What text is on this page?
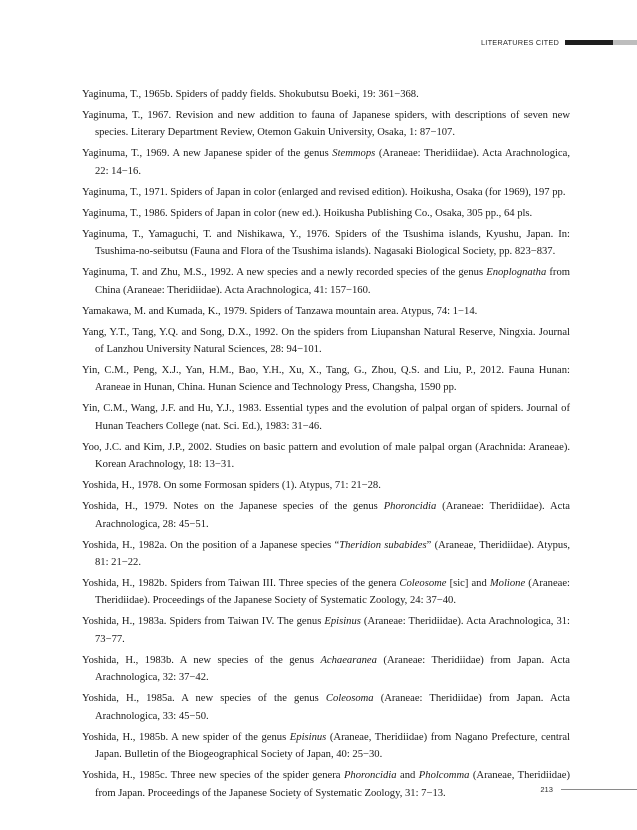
LITERATURES CITED
Yaginuma, T., 1965b. Spiders of paddy fields. Shokubutsu Boeki, 19: 361−368.
Yaginuma, T., 1967. Revision and new addition to fauna of Japanese spiders, with descriptions of seven new species. Literary Department Review, Otemon Gakuin University, Osaka, 1: 87−107.
Yaginuma, T., 1969. A new Japanese spider of the genus Stemmops (Araneae: Theridiidae). Acta Arachnologica, 22: 14−16.
Yaginuma, T., 1971. Spiders of Japan in color (enlarged and revised edition). Hoikusha, Osaka (for 1969), 197 pp.
Yaginuma, T., 1986. Spiders of Japan in color (new ed.). Hoikusha Publishing Co., Osaka, 305 pp., 64 pls.
Yaginuma, T., Yamaguchi, T. and Nishikawa, Y., 1976. Spiders of the Tsushima islands, Kyushu, Japan. In: Tsushima-no-seibutsu (Fauna and Flora of the Tsushima islands). Nagasaki Biological Society, pp. 823−837.
Yaginuma, T. and Zhu, M.S., 1992. A new species and a newly recorded species of the genus Enoplognatha from China (Araneae: Theridiidae). Acta Arachnologica, 41: 157−160.
Yamakawa, M. and Kumada, K., 1979. Spiders of Tanzawa mountain area. Atypus, 74: 1−14.
Yang, Y.T., Tang, Y.Q. and Song, D.X., 1992. On the spiders from Liupanshan Natural Reserve, Ningxia. Journal of Lanzhou University Natural Sciences, 28: 94−101.
Yin, C.M., Peng, X.J., Yan, H.M., Bao, Y.H., Xu, X., Tang, G., Zhou, Q.S. and Liu, P., 2012. Fauna Hunan: Araneae in Hunan, China. Hunan Science and Technology Press, Changsha, 1590 pp.
Yin, C.M., Wang, J.F. and Hu, Y.J., 1983. Essential types and the evolution of palpal organ of spiders. Journal of Hunan Teachers College (nat. Sci. Ed.), 1983: 31−46.
Yoo, J.C. and Kim, J.P., 2002. Studies on basic pattern and evolution of male palpal organ (Arachnida: Araneae). Korean Arachnology, 18: 13−31.
Yoshida, H., 1978. On some Formosan spiders (1). Atypus, 71: 21−28.
Yoshida, H., 1979. Notes on the Japanese species of the genus Phoroncidia (Araneae: Theridiidae). Acta Arachnologica, 28: 45−51.
Yoshida, H., 1982a. On the position of a Japanese species “Theridion subabides” (Araneae, Theridiidae). Atypus, 81: 21−22.
Yoshida, H., 1982b. Spiders from Taiwan III. Three species of the genera Coleosome [sic] and Molione (Araneae: Theridiidae). Proceedings of the Japanese Society of Systematic Zoology, 24: 37−40.
Yoshida, H., 1983a. Spiders from Taiwan IV. The genus Episinus (Araneae: Theridiidae). Acta Arachnologica, 31: 73−77.
Yoshida, H., 1983b. A new species of the genus Achaearanea (Araneae: Theridiidae) from Japan. Acta Arachnologica, 32: 37−42.
Yoshida, H., 1985a. A new species of the genus Coleosoma (Araneae: Theridiidae) from Japan. Acta Arachnologica, 33: 45−50.
Yoshida, H., 1985b. A new spider of the genus Episinus (Araneae, Theridiidae) from Nagano Prefecture, central Japan. Bulletin of the Biogeographical Society of Japan, 40: 25−30.
Yoshida, H., 1985c. Three new species of the spider genera Phoroncidia and Pholcomma (Araneae, Theridiidae) from Japan. Proceedings of the Japanese Society of Systematic Zoology, 31: 7−13.	213
